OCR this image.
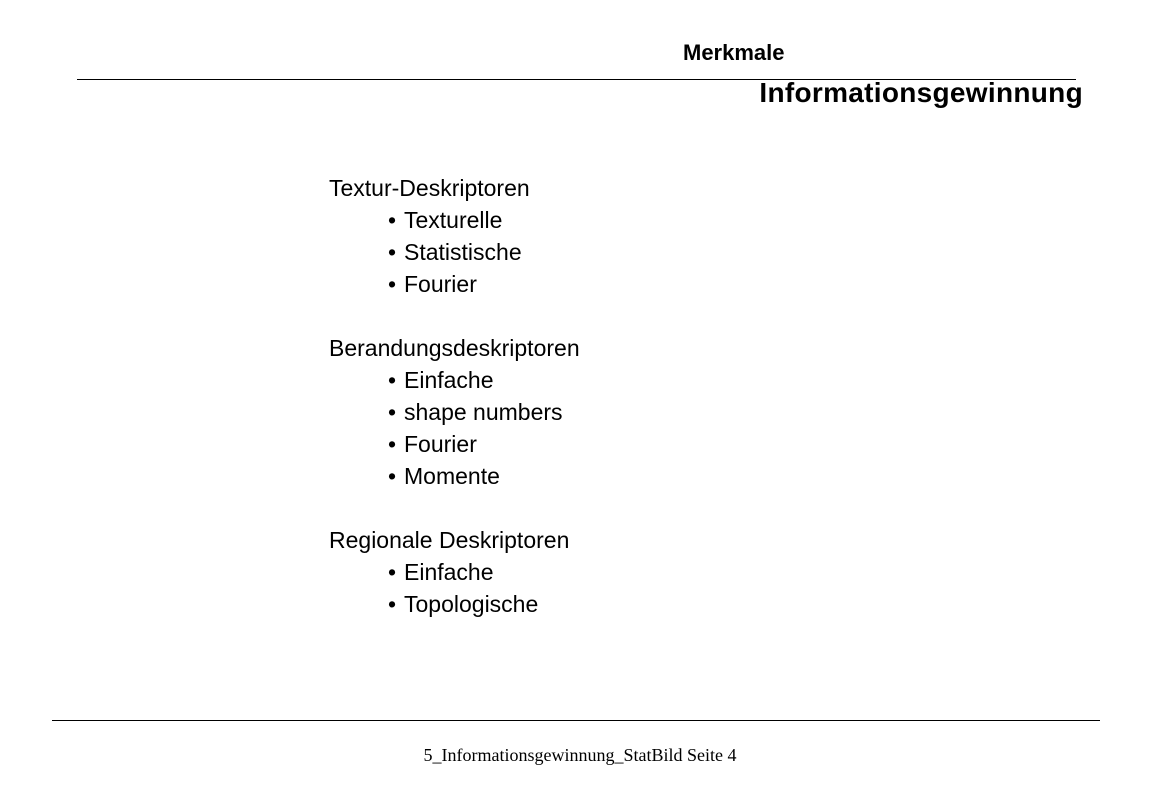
Merkmale
Informationsgewinnung
Textur-Deskriptoren
• Texturelle
• Statistische
• Fourier
Berandungsdeskriptoren
• Einfache
• shape numbers
• Fourier
• Momente
Regionale Deskriptoren
• Einfache
• Topologische
5_Informationsgewinnung_StatBild Seite 4
